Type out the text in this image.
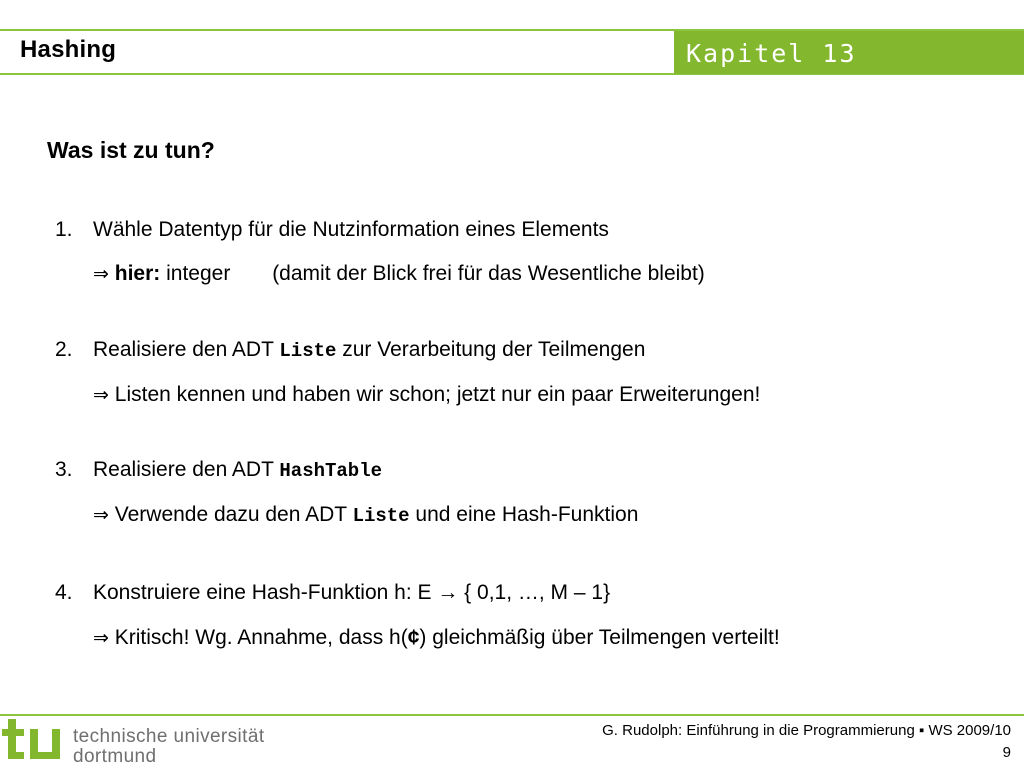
Hashing	Kapitel 13
Was ist zu tun?
1. Wähle Datentyp für die Nutzinformation eines Elements
⇒ hier: integer (damit der Blick frei für das Wesentliche bleibt)
2. Realisiere den ADT Liste zur Verarbeitung der Teilmengen
⇒ Listen kennen und haben wir schon; jetzt nur ein paar Erweiterungen!
3. Realisiere den ADT HashTable
⇒ Verwende dazu den ADT Liste und eine Hash-Funktion
4. Konstruiere eine Hash-Funktion h: E → { 0,1, …, M – 1}
⇒ Kritisch! Wg. Annahme, dass h(¢) gleichmäßig über Teilmengen verteilt!
technische universität
dortmund
G. Rudolph: Einführung in die Programmierung ▪ WS 2009/10
9
